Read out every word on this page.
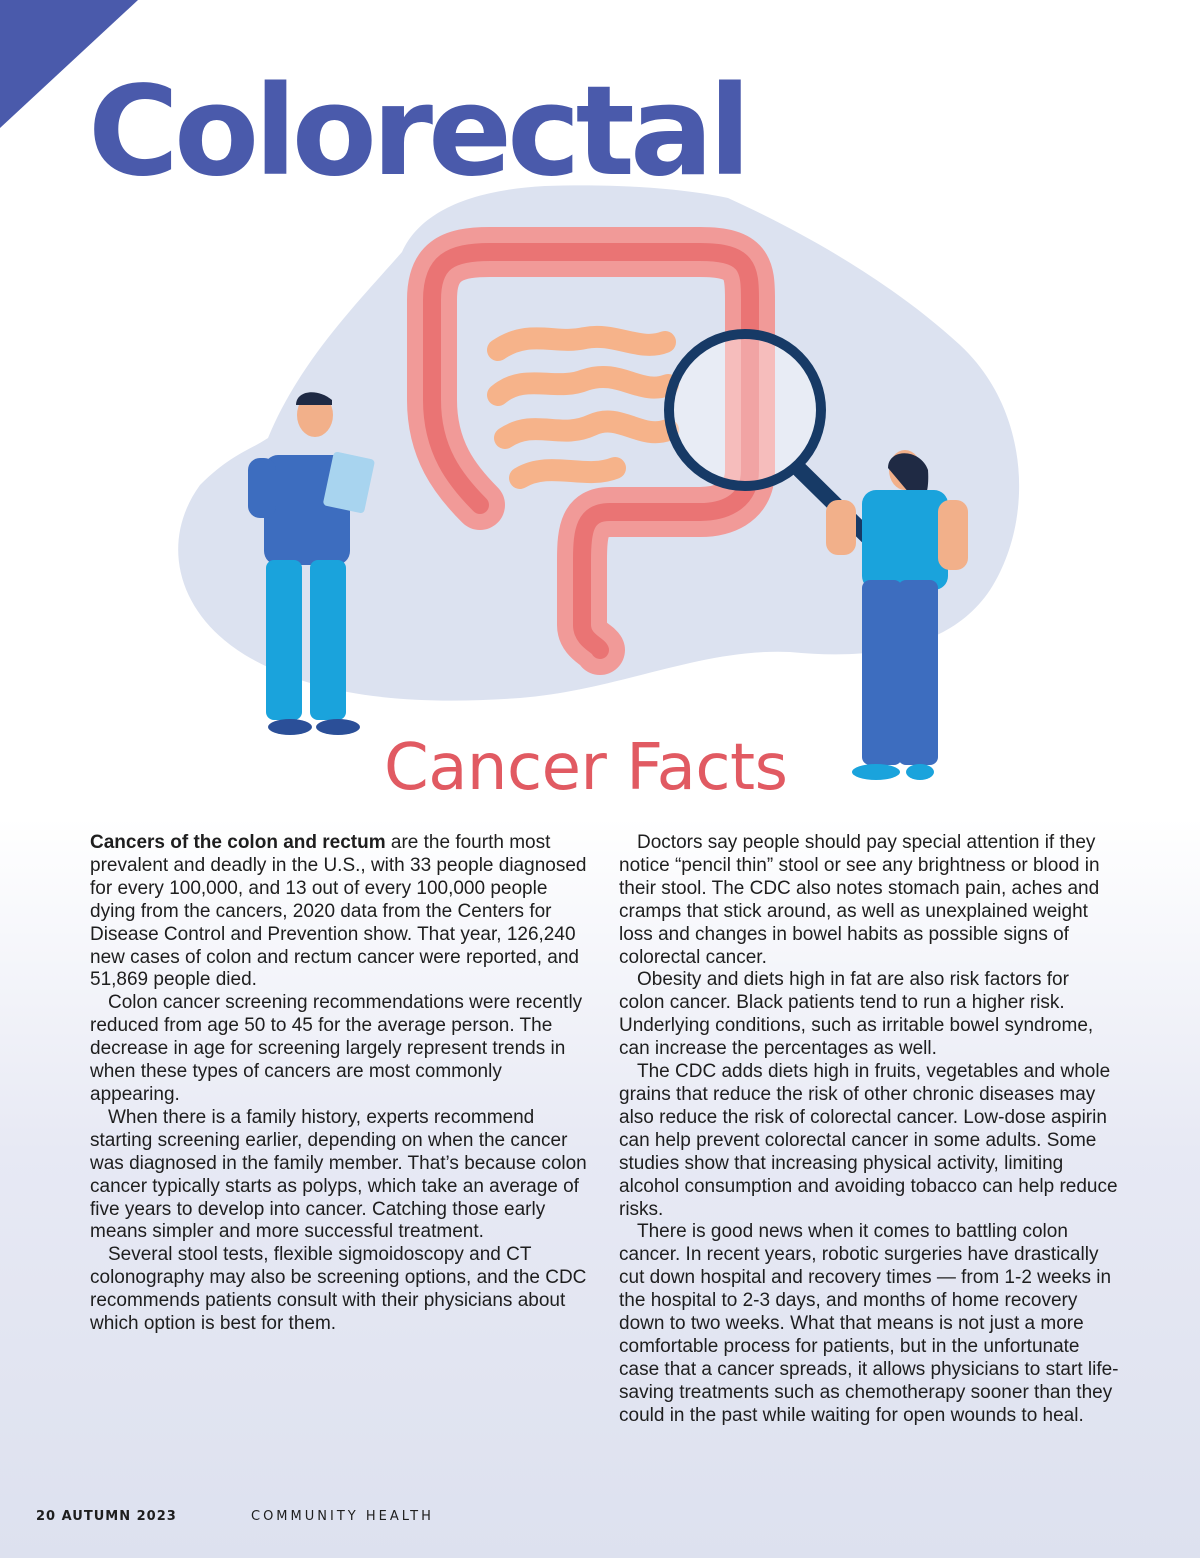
Colorectal
Cancer Facts

Cancers of the colon and rectum are the fourth most prevalent and deadly in the U.S., with 33 people diagnosed for every 100,000, and 13 out of every 100,000 people dying from the cancers, 2020 data from the Centers for Disease Control and Prevention show. That year, 126,240 new cases of colon and rectum cancer were reported, and 51,869 people died.

Colon cancer screening recommendations were recently reduced from age 50 to 45 for the average person. The decrease in age for screening largely represent trends in when these types of cancers are most commonly appearing.

When there is a family history, experts recommend starting screening earlier, depending on when the cancer was diagnosed in the family member. That’s because colon cancer typically starts as polyps, which take an average of five years to develop into cancer. Catching those early means simpler and more successful treatment.

Several stool tests, flexible sigmoidoscopy and CT colonography may also be screening options, and the CDC recommends patients consult with their physicians about which option is best for them.

Doctors say people should pay special attention if they notice “pencil thin” stool or see any brightness or blood in their stool. The CDC also notes stomach pain, aches and cramps that stick around, as well as unexplained weight loss and changes in bowel habits as possible signs of colorectal cancer.

Obesity and diets high in fat are also risk factors for colon cancer. Black patients tend to run a higher risk. Underlying conditions, such as irritable bowel syndrome, can increase the percentages as well.

The CDC adds diets high in fruits, vegetables and whole grains that reduce the risk of other chronic diseases may also reduce the risk of colorectal cancer. Low-dose aspirin can help prevent colorectal cancer in some adults. Some studies show that increasing physical activity, limiting alcohol consumption and avoiding tobacco can help reduce risks.

There is good news when it comes to battling colon cancer. In recent years, robotic surgeries have drastically cut down hospital and recovery times — from 1-2 weeks in the hospital to 2-3 days, and months of home recovery down to two weeks. What that means is not just a more comfortable process for patients, but in the unfortunate case that a cancer spreads, it allows physicians to start life-saving treatments such as chemotherapy sooner than they could in the past while waiting for open wounds to heal.

20 AUTUMN 2023	COMMUNITY HEALTH
